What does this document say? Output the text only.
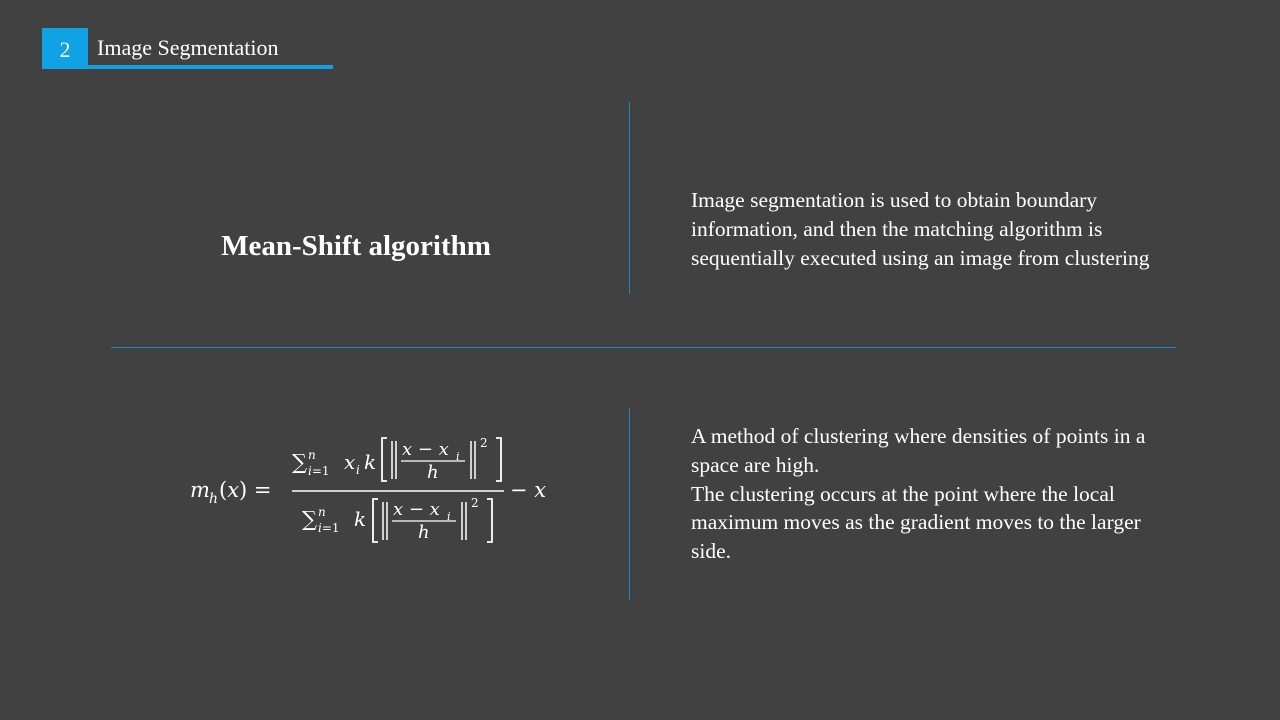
2	Image Segmentation
Mean-Shift algorithm

Image segmentation is used to obtain boundary information, and then the matching algorithm is sequentially executed using an image from clustering

m h (x) =
∑ n
i=1 x i k
x − x i
h
2
∑ n
i=1 k x − x i
h
2
− x

A method of clustering where densities of points in a space are high.

The clustering occurs at the point where the local maximum moves as the gradient moves to the larger side.
